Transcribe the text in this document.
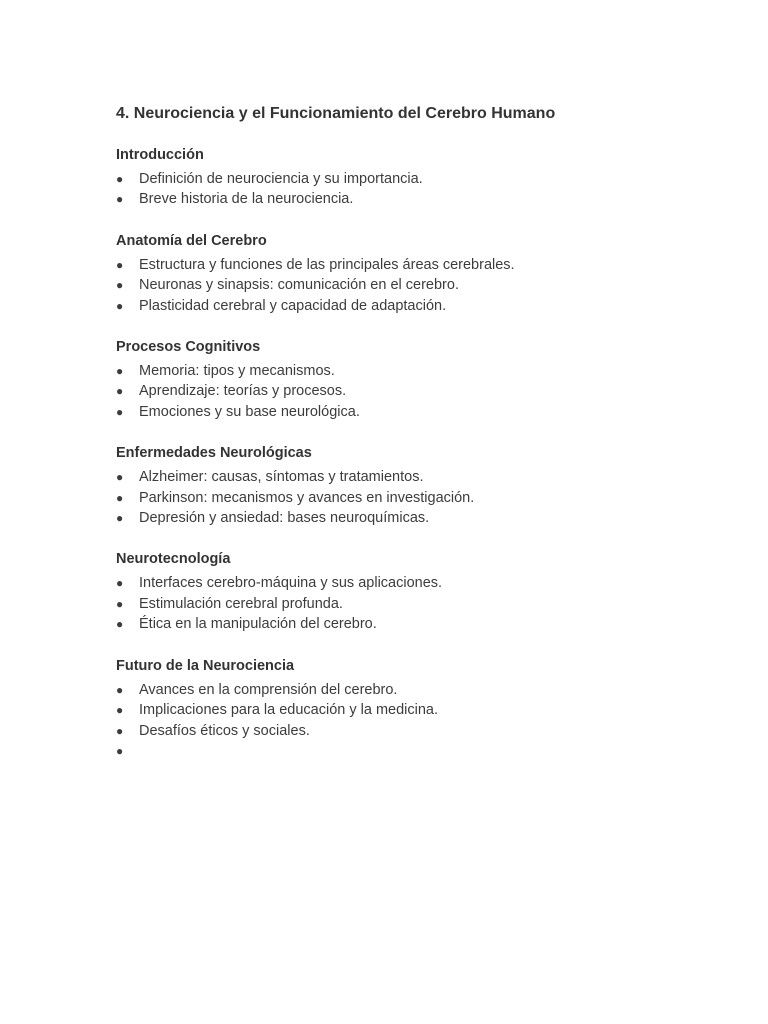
4. Neurociencia y el Funcionamiento del Cerebro Humano
Introducción
● Definición de neurociencia y su importancia.
● Breve historia de la neurociencia.
Anatomía del Cerebro
● Estructura y funciones de las principales áreas cerebrales.
● Neuronas y sinapsis: comunicación en el cerebro.
● Plasticidad cerebral y capacidad de adaptación.
Procesos Cognitivos
● Memoria: tipos y mecanismos.
● Aprendizaje: teorías y procesos.
● Emociones y su base neurológica.
Enfermedades Neurológicas
● Alzheimer: causas, síntomas y tratamientos.
● Parkinson: mecanismos y avances en investigación.
● Depresión y ansiedad: bases neuroquímicas.
Neurotecnología
● Interfaces cerebro-máquina y sus aplicaciones.
● Estimulación cerebral profunda.
● Ética en la manipulación del cerebro.
Futuro de la Neurociencia
● Avances en la comprensión del cerebro.
● Implicaciones para la educación y la medicina.
● Desafíos éticos y sociales.
●
